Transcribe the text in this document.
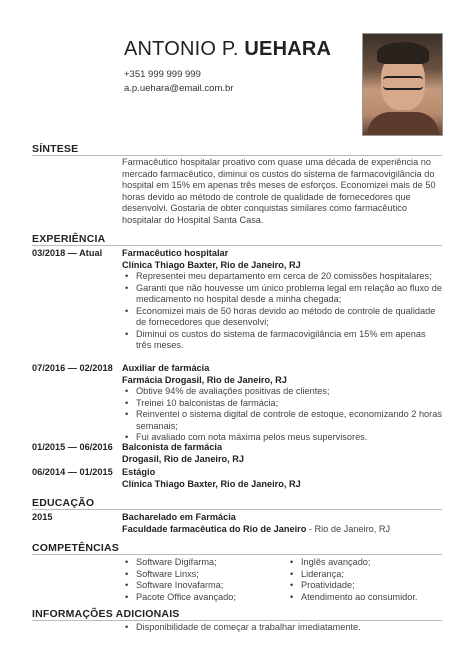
ANTONIO P. UEHARA
+351 999 999 999
a.p.uehara@email.com.br
SÍNTESE
Farmacêutico hospitalar proativo com quase uma década de experiência no mercado farmacêutico, diminui os custos do sistema de farmacovigilância do hospital em 15% em apenas três meses de esforços. Economizei mais de 50 horas devido ao método de controle de qualidade de fornecedores que desenvolvi. Gostaria de obter conquistas similares como farmacêutico hospitalar do Hospital Santa Casa.
EXPERIÊNCIA
03/2018 — Atual Farmacêutico hospitalar
Clínica Thiago Baxter, Rio de Janeiro, RJ
• Representei meu departamento em cerca de 20 comissões hospitalares;
• Garanti que não houvesse um único problema legal em relação ao fluxo de medicamento no hospital desde a minha chegada;
• Economizei mais de 50 horas devido ao método de controle de qualidade de fornecedores que desenvolvi;
• Diminui os custos do sistema de farmacovigilância em 15% em apenas três meses.
07/2016 — 02/2018 Auxiliar de farmácia
Farmácia Drogasil, Rio de Janeiro, RJ
• Obtive 94% de avaliações positivas de clientes;
• Treinei 10 balconistas de farmácia;
• Reinventei o sistema digital de controle de estoque, economizando 2 horas semanais;
• Fui avaliado com nota máxima pelos meus supervisores.
01/2015 — 06/2016 Balconista de farmácia
Drogasil, Rio de Janeiro, RJ
06/2014 — 01/2015 Estágio
Clínica Thiago Baxter, Rio de Janeiro, RJ
EDUCAÇÃO
2015	Bacharelado em Farmácia
Faculdade farmacêutica do Rio de Janeiro - Rio de Janeiro, RJ
COMPETÊNCIAS
• Software Digifarma;
• Software Linxs;
• Software Inovafarma;
• Pacote Office avançado;
• Inglês avançado;
• Liderança;
• Proatividade;
• Atendimento ao consumidor.
INFORMAÇÕES ADICIONAIS
• Disponibilidade de começar a trabalhar imediatamente.
